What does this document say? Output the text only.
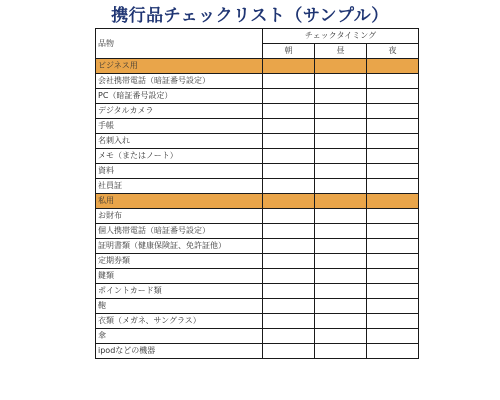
携行品チェックリスト（サンプル）
品物	チェックタイミング		
	朝	昼	夜
ビジネス用			
会社携帯電話（暗証番号設定）			
PC（暗証番号設定）			
デジタルカメラ			
手帳			
名刺入れ			
メモ（またはノート）			
資料			
社員証			
私用			
お財布			
個人携帯電話（暗証番号設定）			
証明書類（健康保険証、免許証他）			
定期券類			
鍵類			
ポイントカード類			
鞄			
衣類（メガネ、サングラス）			
傘			
ipodなどの機器			
